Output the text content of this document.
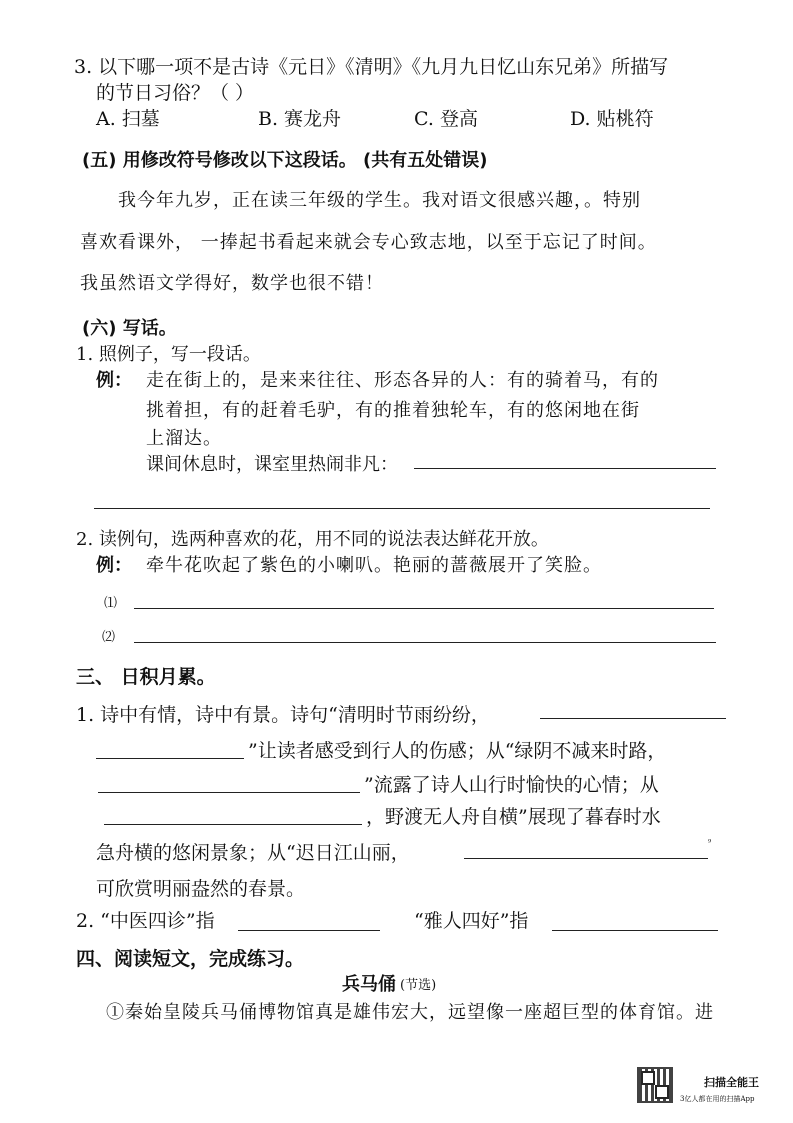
3. 以下哪一项不是古诗《元日》《清明》《九月九日忆山东兄弟》所描写
的节日习俗？（ ）
A. 扫墓	B. 赛龙舟	C. 登高	D. 贴桃符
(五) 用修改符号修改以下这段话。 (共有五处错误)
我今年九岁，正在读三年级的学生。我对语文很感兴趣，。特别
喜欢看课外， 一捧起书看起来就会专心致志地，以至于忘记了时间。
我虽然语文学得好，数学也很不错！
(六) 写话。
1. 照例子，写一段话。
例： 走在街上的，是来来往往、形态各异的人：有的骑着马，有的
挑着担，有的赶着毛驴，有的推着独轮车，有的悠闲地在街
上溜达。
课间休息时，课室里热闹非凡：
2. 读例句，选两种喜欢的花，用不同的说法表达鲜花开放。
例： 牵牛花吹起了紫色的小喇叭。艳丽的蔷薇展开了笑脸。
⑴
⑵
三、 日积月累。
1. 诗中有情，诗中有景。诗句“清明时节雨纷纷，
”让读者感受到行人的伤感；从“绿阴不减来时路，
”流露了诗人山行时愉快的心情；从
，野渡无人舟自横”展现了暮春时水
急舟横的悠闲景象；从“迟日江山丽，	⁹
可欣赏明丽盎然的春景。
2. “中医四诊”指	“雅人四好”指
四、阅读短文，完成练习。
兵马俑 (节选)
①秦始皇陵兵马俑博物馆真是雄伟宏大，远望像一座超巨型的体育馆。进
扫描全能王
3亿人都在用的扫描App
